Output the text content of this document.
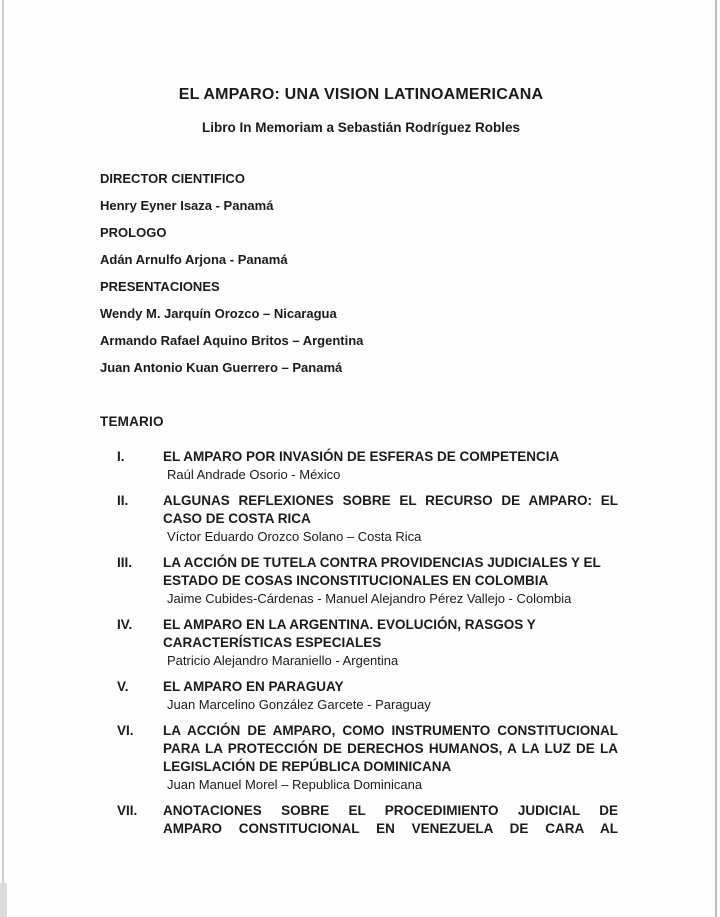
EL AMPARO: UNA VISION LATINOAMERICANA
Libro In Memoriam a Sebastián Rodríguez Robles
DIRECTOR CIENTIFICO
Henry Eyner Isaza - Panamá
PROLOGO
Adán Arnulfo Arjona - Panamá
PRESENTACIONES
Wendy M. Jarquín Orozco – Nicaragua
Armando Rafael Aquino Britos – Argentina
Juan Antonio Kuan Guerrero – Panamá
TEMARIO
I.	EL AMPARO POR INVASIÓN DE ESFERAS DE COMPETENCIA
Raúl Andrade Osorio - México
II.	ALGUNAS REFLEXIONES SOBRE EL RECURSO DE AMPARO: EL
CASO DE COSTA RICA
Víctor Eduardo Orozco Solano – Costa Rica
III.	LA ACCIÓN DE TUTELA CONTRA PROVIDENCIAS JUDICIALES Y EL
ESTADO DE COSAS INCONSTITUCIONALES EN COLOMBIA
Jaime Cubides-Cárdenas - Manuel Alejandro Pérez Vallejo - Colombia
IV.	EL AMPARO EN LA ARGENTINA. EVOLUCIÓN, RASGOS Y
CARACTERÍSTICAS ESPECIALES
Patricio Alejandro Maraniello - Argentina
V.	EL AMPARO EN PARAGUAY
Juan Marcelino González Garcete - Paraguay
VI.	LA ACCIÓN DE AMPARO, COMO INSTRUMENTO CONSTITUCIONAL
PARA LA PROTECCIÓN DE DERECHOS HUMANOS, A LA LUZ DE LA
LEGISLACIÓN DE REPÚBLICA DOMINICANA
Juan Manuel Morel – Republica Dominicana
VII.	ANOTACIONES SOBRE EL PROCEDIMIENTO JUDICIAL DE
AMPARO CONSTITUCIONAL EN VENEZUELA DE CARA AL
